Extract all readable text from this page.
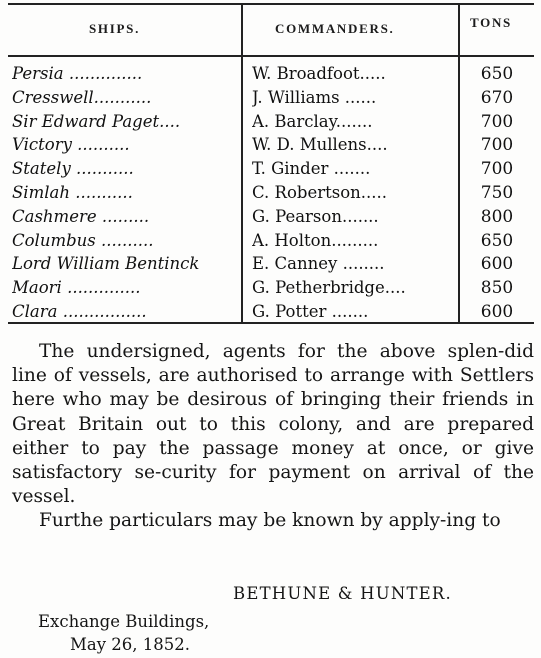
SHIPS.	COMMANDERS.	TONS
Persia ..............	W. Broadfoot.....	650
Cresswell...........	J. Williams ......	670
Sir Edward Paget....	A. Barclay.......	700
Victory ..........	W. D. Mullens....	700
Stately ...........	T. Ginder .......	700
Simlah ...........	C. Robertson.....	750
Cashmere .........	G. Pearson.......	800
Columbus ..........	A. Holton.........	650
Lord William Bentinck	E. Canney ........	600
Maori ..............	G. Petherbridge....	850
Clara ................	G. Potter .......	600

The undersigned, agents for the above splen-did line of vessels, are authorised to arrange with Settlers here who may be desirous of bringing their friends in Great Britain out to this colony, and are prepared either to pay the passage money at once, or give satisfactory se-curity for payment on arrival of the vessel.

Furthe particulars may be known by apply-ing to

BETHUNE & HUNTER.
Exchange Buildings,
May 26, 1852.
